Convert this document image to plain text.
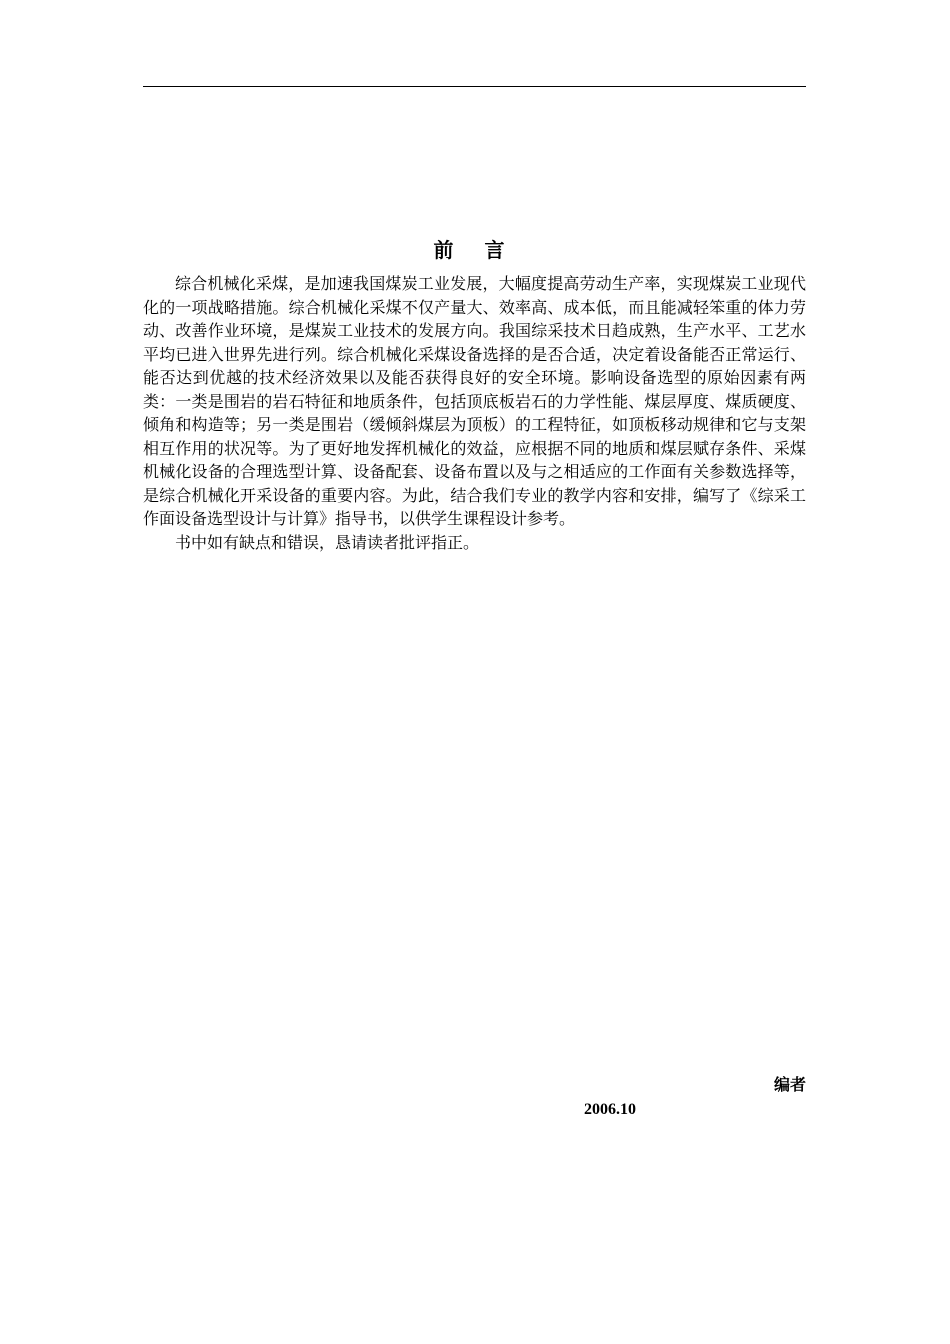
前 言

综合机械化采煤，是加速我国煤炭工业发展，大幅度提高劳动生产率，实现煤炭工业现代化的一项战略措施。综合机械化采煤不仅产量大、效率高、成本低，而且能减轻笨重的体力劳动、改善作业环境，是煤炭工业技术的发展方向。我国综采技术日趋成熟，生产水平、工艺水平均已进入世界先进行列。综合机械化采煤设备选择的是否合适，决定着设备能否正常运行、能否达到优越的技术经济效果以及能否获得良好的安全环境。影响设备选型的原始因素有两类：一类是围岩的岩石特征和地质条件，包括顶底板岩石的力学性能、煤层厚度、煤质硬度、倾角和构造等；另一类是围岩（缓倾斜煤层为顶板）的工程特征，如顶板移动规律和它与支架相互作用的状况等。为了更好地发挥机械化的效益，应根据不同的地质和煤层赋存条件、采煤机械化设备的合理选型计算、设备配套、设备布置以及与之相适应的工作面有关参数选择等，是综合机械化开采设备的重要内容。为此，结合我们专业的教学内容和安排，编写了《综采工作面设备选型设计与计算》指导书，以供学生课程设计参考。

书中如有缺点和错误，恳请读者批评指正。

编者
2006.10
